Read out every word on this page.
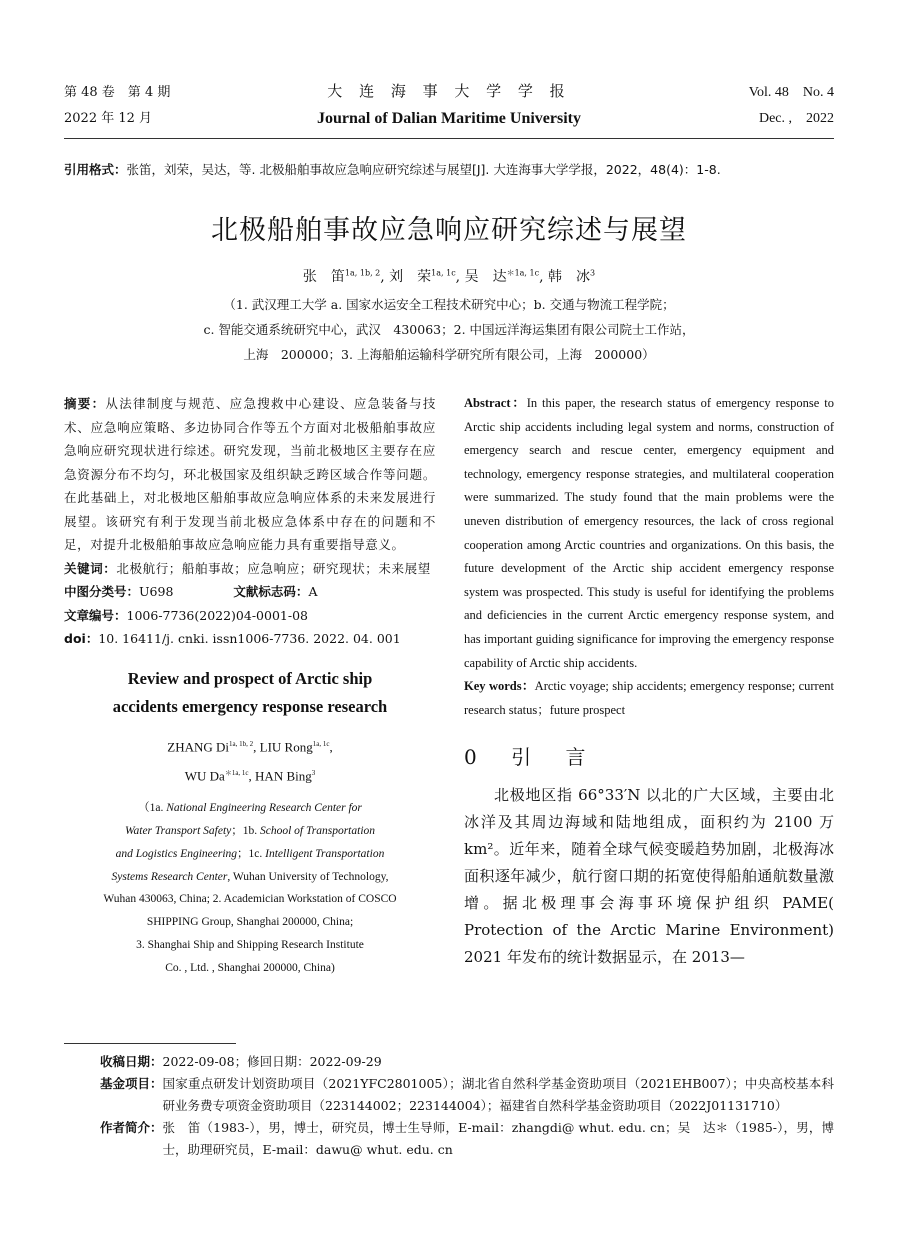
第 48 卷　第 4 期
2022 年 12 月
大 连 海 事 大 学 学 报
Journal of Dalian Maritime University
Vol. 48　No. 4
Dec. ,　2022
引用格式：张笛，刘荣，吴达，等. 北极船舶事故应急响应研究综述与展望[J]. 大连海事大学学报，2022，48(4)：1-8.
北极船舶事故应急响应研究综述与展望
张　笛$^{1a, 1b, 2}$, 刘　荣$^{1a, 1c}$, 吴　达$^{*1a, 1c}$, 韩　冰$^3$
（1. 武汉理工大学 a. 国家水运安全工程技术研究中心；b. 交通与物流工程学院；
c. 智能交通系统研究中心，武汉　430063；2. 中国远洋海运集团有限公司院士工作站，
上海　200000；3. 上海船舶运输科学研究所有限公司，上海　200000）
摘要：从法律制度与规范、应急搜救中心建设、应急装备与技术、应急响应策略、多边协同合作等五个方面对北极船舶事故应急响应研究现状进行综述。研究发现，当前北极地区主要存在应急资源分布不均匀，环北极国家及组织缺乏跨区域合作等问题。在此基础上，对北极地区船舶事故应急响应体系的未来发展进行展望。该研究有利于发现当前北极应急体系中存在的问题和不足，对提升北极船舶事故应急响应能力具有重要指导意义。
关键词：北极航行；船舶事故；应急响应；研究现状；未来展望
中图分类号：U698	文献标志码：A
文章编号：1006-7736(2022)04-0001-08
doi：10. 16411/j. cnki. issn1006-7736. 2022. 04. 001
Review and prospect of Arctic ship
accidents emergency response research
ZHANG $Di^{1a, 1b, 2}$, LIU Rong$^{1a, 1c}$,
WU $Da^{*1a, 1c}$, HAN Bing$^3$
（1a. National Engineering Research Center for
Water Transport Safety；1b. School of Transportation
and Logistics Engineering；1c. Intelligent Transportation
Systems Research Center, Wuhan University of Technology,
Wuhan 430063, China; 2. Academician Workstation of COSCO
SHIPPING Group, Shanghai 200000, China;
3. Shanghai Ship and Shipping Research Institute
Co. , Ltd. , Shanghai 200000, China)
Abstract：In this paper, the research status of emergency response to Arctic ship accidents including legal system and norms, construction of emergency search and rescue center, emergency equipment and technology, emergency response strategies, and multilateral cooperation were summarized. The study found that the main problems were the uneven distribution of emergency resources, the lack of cross regional cooperation among Arctic countries and organizations. On this basis, the future development of the Arctic ship accident emergency response system was prospected. This study is useful for identifying the problems and deficiencies in the current Arctic emergency response system, and has important guiding significance for improving the emergency response capability of Arctic ship accidents.
Key words：Arctic voyage; ship accidents; emergency response; current research status；future prospect
0 引 言
北极地区指 66°33′N 以北的广大区域，主要由北冰洋及其周边海域和陆地组成，面积约为 2100 万 km²。近年来，随着全球气候变暖趋势加剧，北极海冰面积逐年减少，航行窗口期的拓宽使得船舶通航数量激增。据北极理事会海事环境保护组织 PAME( Protection of the Arctic Marine Environment) 2021 年发布的统计数据显示，在 2013—
收稿日期： 2022-09-08；修回日期：2022-09-29
基金项目： 国家重点研发计划资助项目（2021YFC2801005）；湖北省自然科学基金资助项目（2021EHB007）；中央高校基本科研业务费专项资金资助项目（223144002；223144004）；福建省自然科学基金资助项目（2022J01131710）
作者简介： 张　笛（1983-），男，博士，研究员，博士生导师，E-mail：zhangdi@ whut. edu. cn；吴　达＊（1985-），男，博士，助理研究员，E-mail：dawu@ whut. edu. cn
